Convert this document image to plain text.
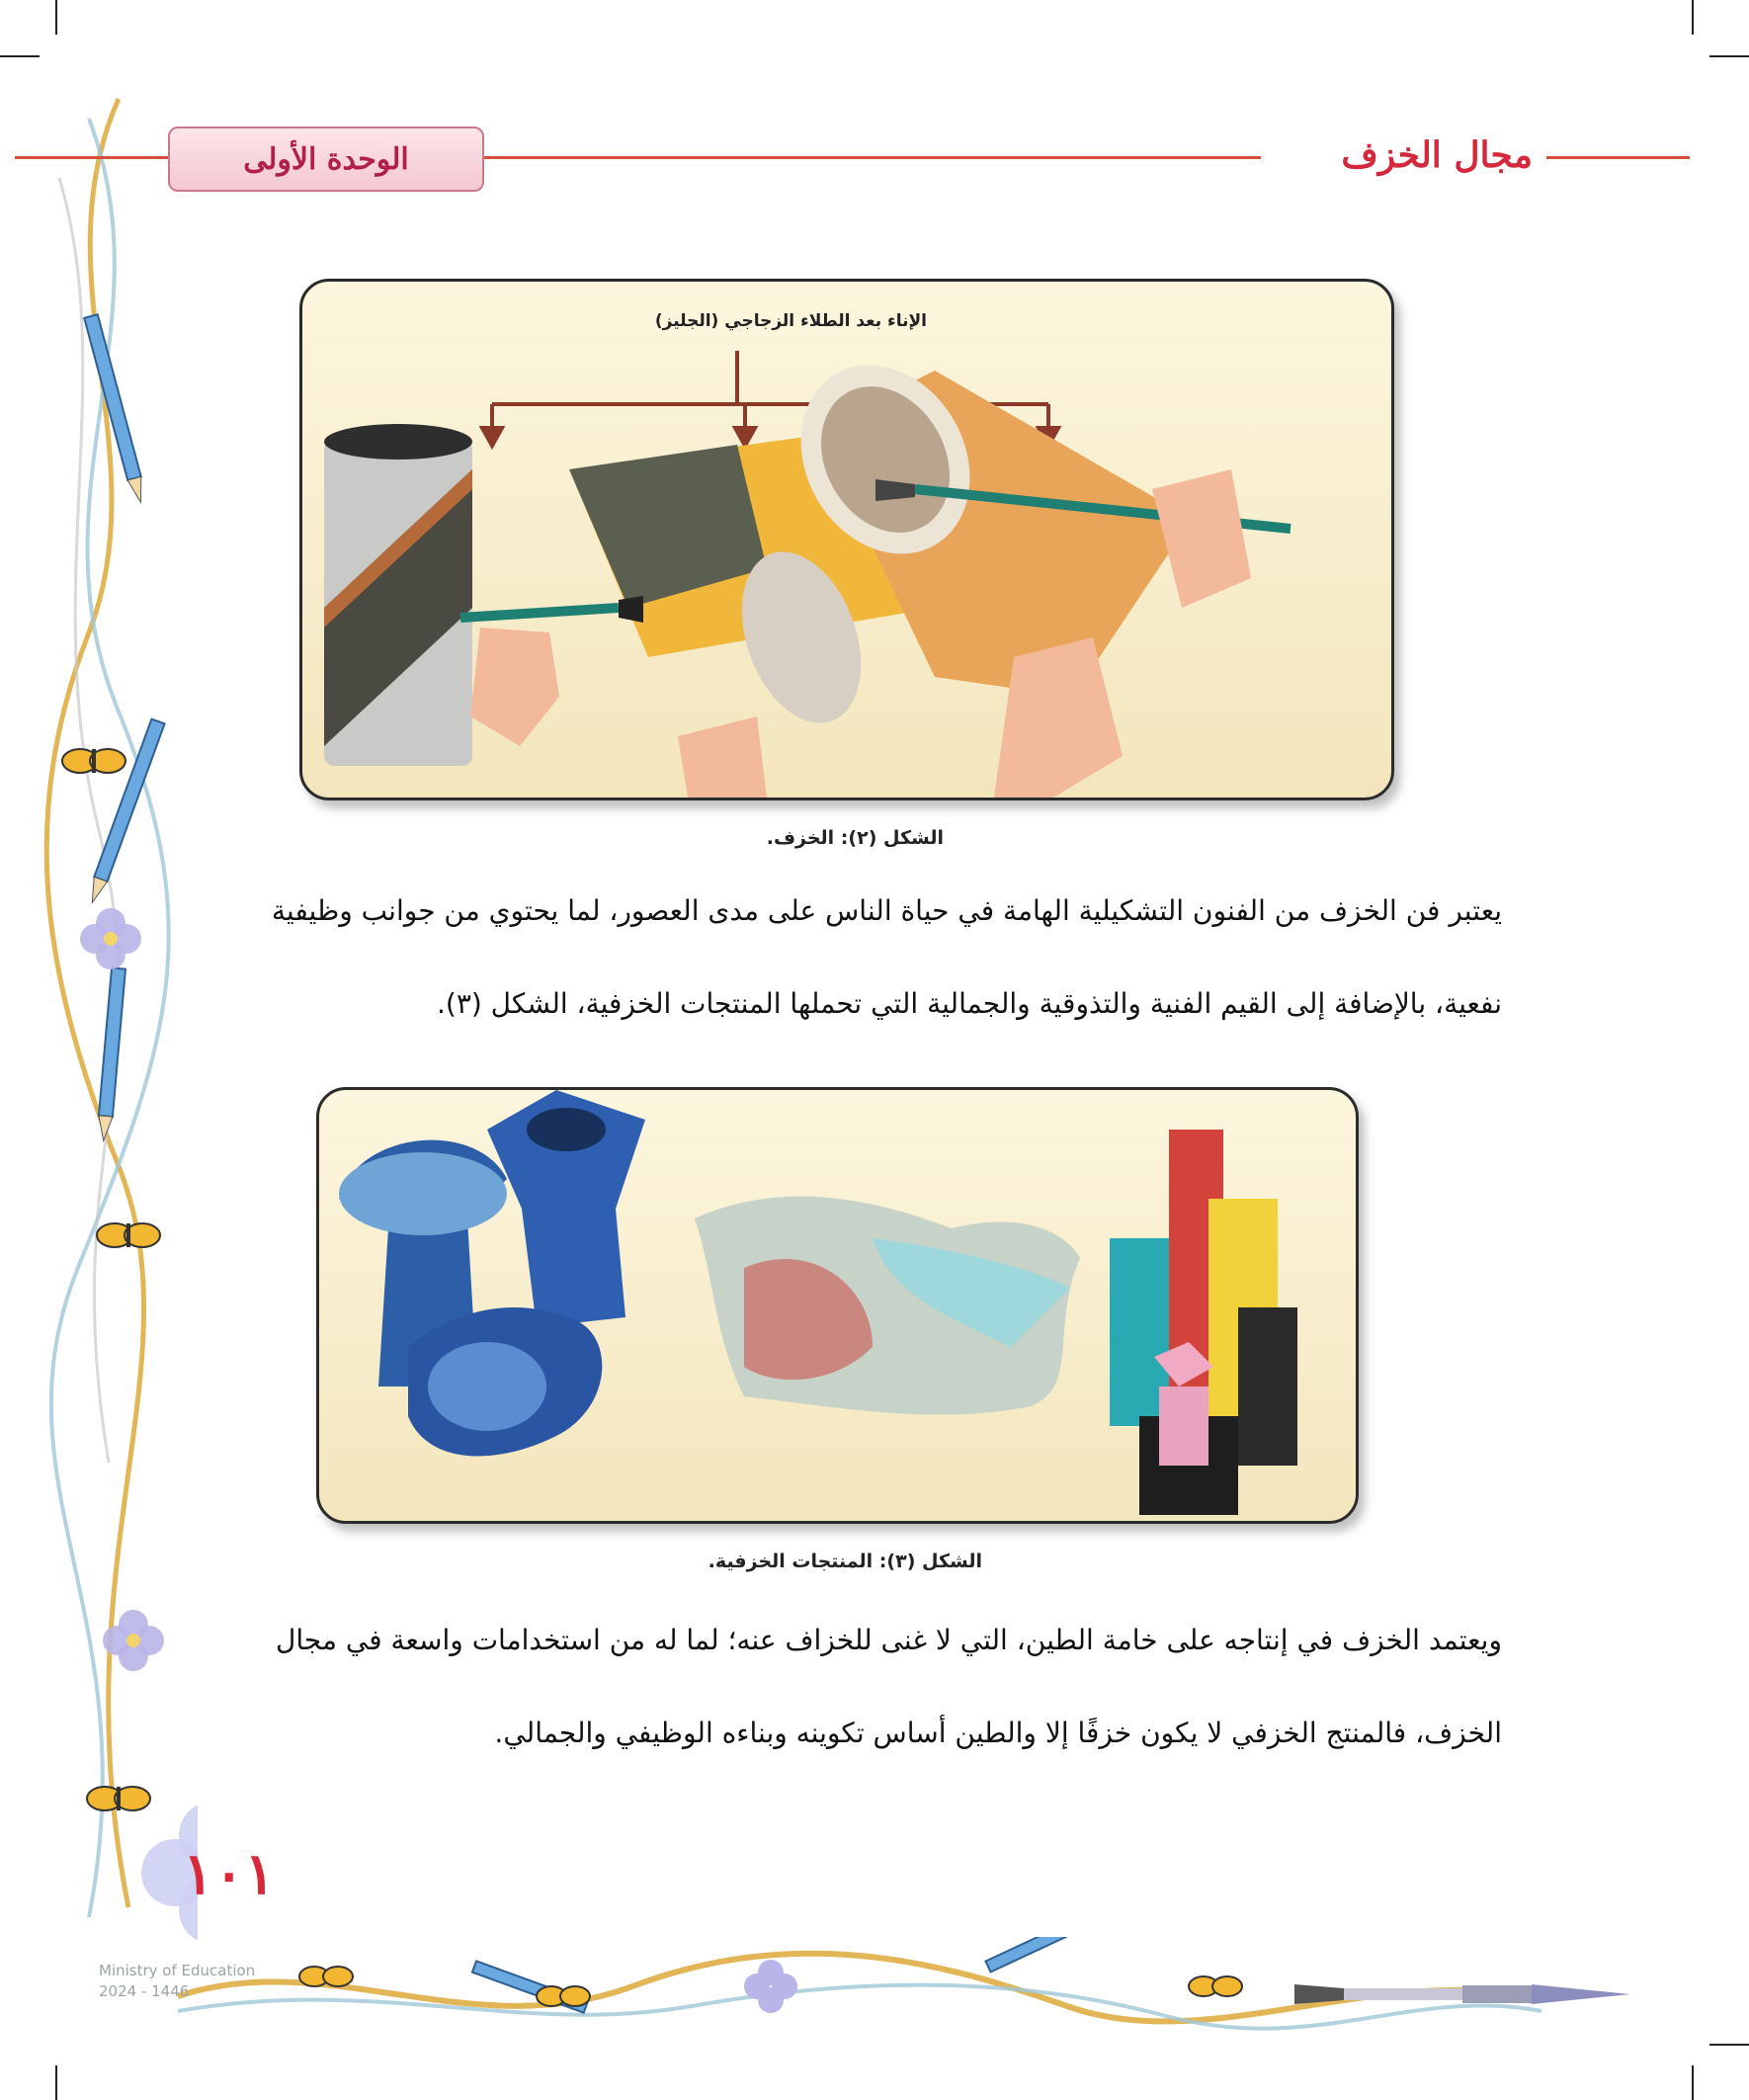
الوحدة الأولى	مجال الخزف
الإناء بعد الطلاء الزجاجي (الجليز)
الشكل (٢): الخزف.
يعتبر فن الخزف من الفنون التشكيلية الهامة في حياة الناس على مدى العصور، لما يحتوي من جوانب وظيفية
نفعية، بالإضافة إلى القيم الفنية والتذوقية والجمالية التي تحملها المنتجات الخزفية، الشكل (٣).
الشكل (٣): المنتجات الخزفية.
ويعتمد الخزف في إنتاجه على خامة الطين، التي لا غنى للخزاف عنه؛ لما له من استخدامات واسعة في مجال
الخزف، فالمنتج الخزفي لا يكون خزفًا إلا والطين أساس تكوينه وبناءه الوظيفي والجمالي.
١٠١
Ministry of Education
2024 - 1446
